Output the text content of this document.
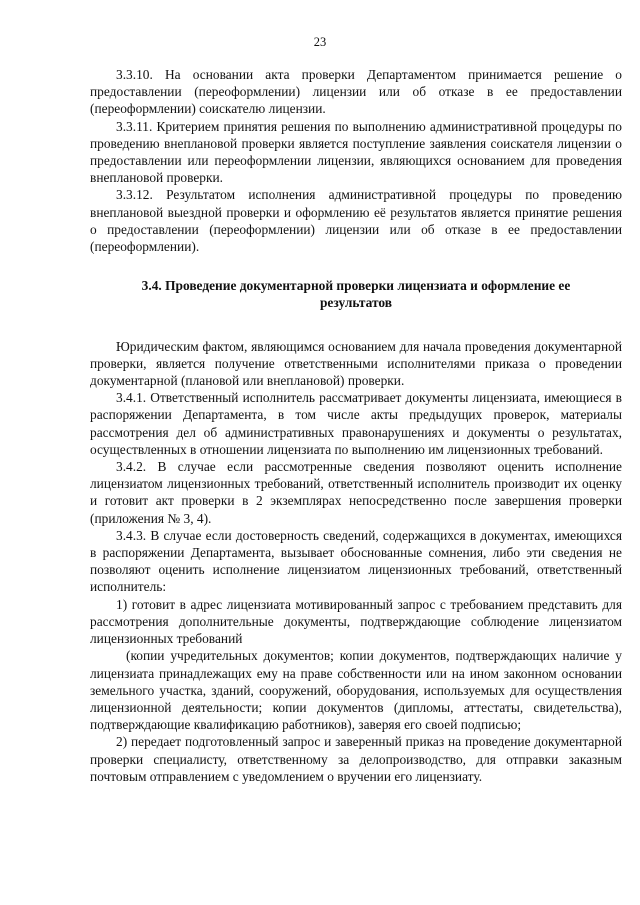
23

3.3.10. На основании акта проверки Департаментом принимается решение о предоставлении (переоформлении) лицензии или об отказе в ее предоставлении (переоформлении) соискателю лицензии.

3.3.11. Критерием принятия решения по выполнению административной процедуры по проведению внеплановой проверки является поступление заявления соискателя лицензии о предоставлении или переоформлении лицензии, являющихся основанием для проведения внеплановой проверки.

3.3.12. Результатом исполнения административной процедуры по проведению внеплановой выездной проверки и оформлению её результатов является принятие решения о предоставлении (переоформлении) лицензии или об отказе в ее предоставлении (переоформлении).

3.4. Проведение документарной проверки лицензиата и оформление ее результатов

Юридическим фактом, являющимся основанием для начала проведения документарной проверки, является получение ответственными исполнителями приказа о проведении документарной (плановой или внеплановой) проверки.

3.4.1. Ответственный исполнитель рассматривает документы лицензиата, имеющиеся в распоряжении Департамента, в том числе акты предыдущих проверок, материалы рассмотрения дел об административных правонарушениях и документы о результатах, осуществленных в отношении лицензиата по выполнению им лицензионных требований.

3.4.2. В случае если рассмотренные сведения позволяют оценить исполнение лицензиатом лицензионных требований, ответственный исполнитель производит их оценку и готовит акт проверки в 2 экземплярах непосредственно после завершения проверки (приложения № 3, 4).

3.4.3. В случае если достоверность сведений, содержащихся в документах, имеющихся в распоряжении Департамента, вызывает обоснованные сомнения, либо эти сведения не позволяют оценить исполнение лицензиатом лицензионных требований, ответственный исполнитель:

1) готовит в адрес лицензиата мотивированный запрос с требованием представить для рассмотрения дополнительные документы, подтверждающие соблюдение лицензиатом лицензионных требований

(копии учредительных документов; копии документов, подтверждающих наличие у лицензиата принадлежащих ему на праве собственности или на ином законном основании земельного участка, зданий, сооружений, оборудования, используемых для осуществления лицензионной деятельности; копии документов (дипломы, аттестаты, свидетельства), подтверждающие квалификацию работников), заверяя его своей подписью;

2) передает подготовленный запрос и заверенный приказ на проведение документарной проверки специалисту, ответственному за делопроизводство, для отправки заказным почтовым отправлением с уведомлением о вручении его лицензиату.
